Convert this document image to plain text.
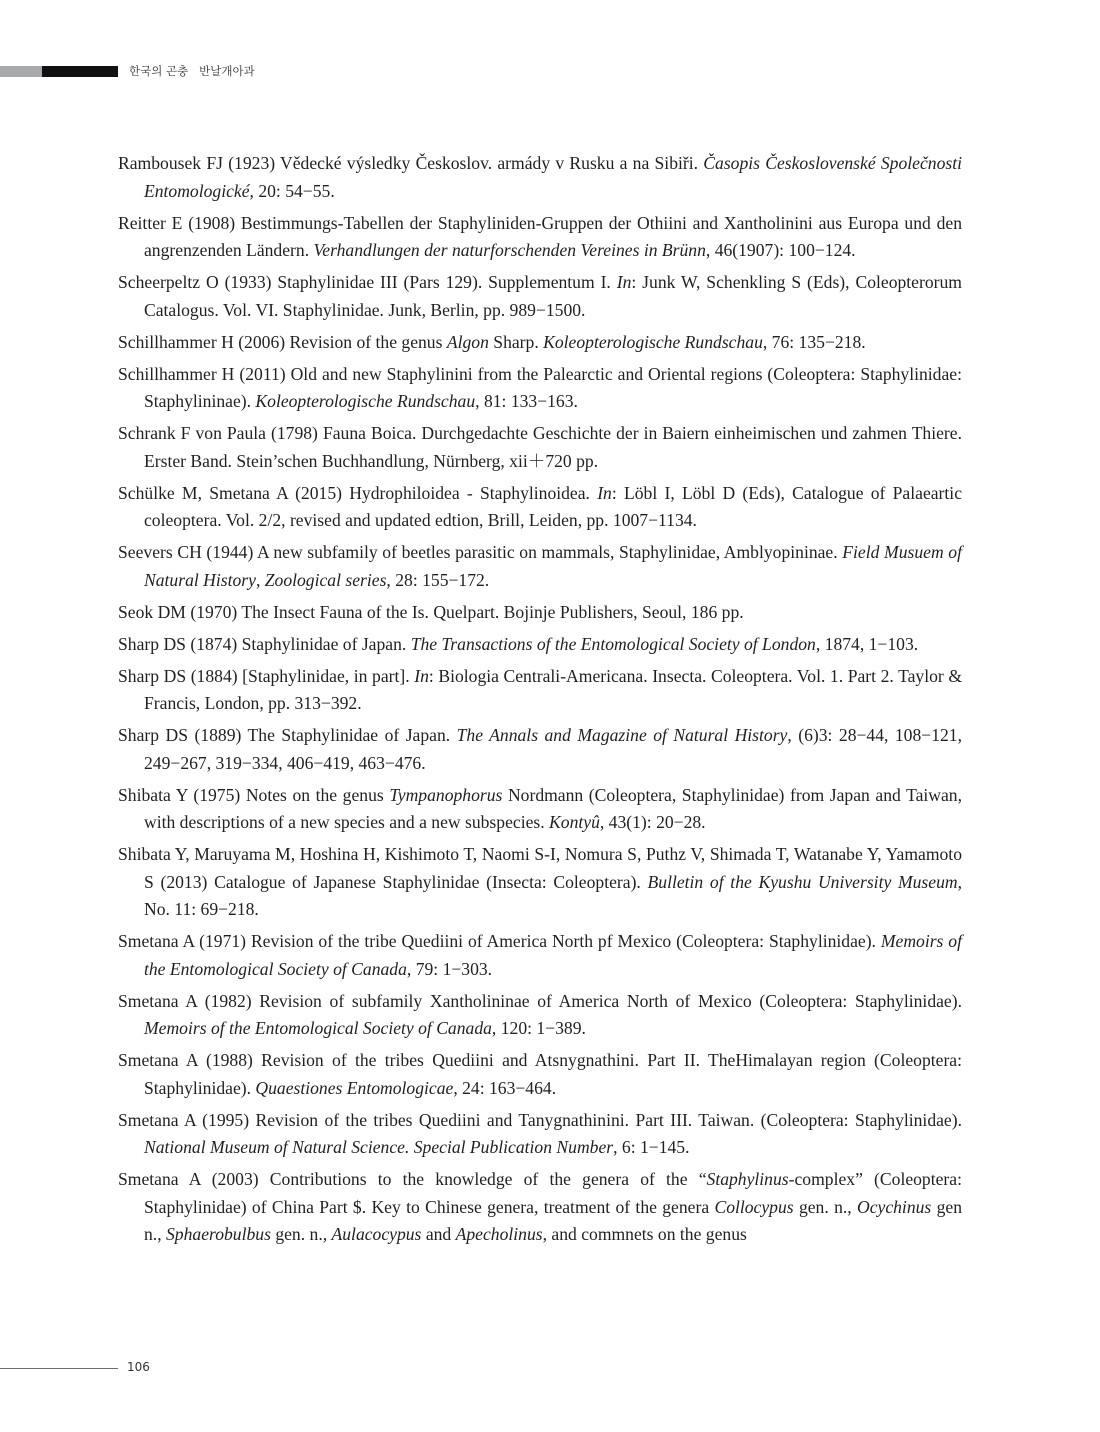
한국의 곤충   반날개아과
Rambousek FJ (1923) Vědecké výsledky Českoslov. armády v Rusku a na Sibiři. Časopis Československé Společnosti Entomologické, 20: 54−55.
Reitter E (1908) Bestimmungs-Tabellen der Staphyliniden-Gruppen der Othiini and Xantholinini aus Europa und den angrenzenden Ländern. Verhandlungen der naturforschenden Vereines in Brünn, 46(1907): 100−124.
Scheerpeltz O (1933) Staphylinidae III (Pars 129). Supplementum I. In: Junk W, Schenkling S (Eds), Coleopterorum Catalogus. Vol. VI. Staphylinidae. Junk, Berlin, pp. 989−1500.
Schillhammer H (2006) Revision of the genus Algon Sharp. Koleopterologische Rundschau, 76: 135−218.
Schillhammer H (2011) Old and new Staphylinini from the Palearctic and Oriental regions (Coleoptera: Staphylinidae: Staphylininae). Koleopterologische Rundschau, 81: 133−163.
Schrank F von Paula (1798) Fauna Boica. Durchgedachte Geschichte der in Baiern einheimischen und zahmen Thiere. Erster Band. Stein’schen Buchhandlung, Nürnberg, xii＋720 pp.
Schülke M, Smetana A (2015) Hydrophiloidea - Staphylinoidea. In: Löbl I, Löbl D (Eds), Catalogue of Palaeartic coleoptera. Vol. 2/2, revised and updated edtion, Brill, Leiden, pp. 1007−1134.
Seevers CH (1944) A new subfamily of beetles parasitic on mammals, Staphylinidae, Amblyopininae. Field Musuem of Natural History, Zoological series, 28: 155−172.
Seok DM (1970) The Insect Fauna of the Is. Quelpart. Bojinje Publishers, Seoul, 186 pp.
Sharp DS (1874) Staphylinidae of Japan. The Transactions of the Entomological Society of London, 1874, 1−103.
Sharp DS (1884) [Staphylinidae, in part]. In: Biologia Centrali-Americana. Insecta. Coleoptera. Vol. 1. Part 2. Taylor & Francis, London, pp. 313−392.
Sharp DS (1889) The Staphylinidae of Japan. The Annals and Magazine of Natural History, (6)3: 28−44, 108−121, 249−267, 319−334, 406−419, 463−476.
Shibata Y (1975) Notes on the genus Tympanophorus Nordmann (Coleoptera, Staphylinidae) from Japan and Taiwan, with descriptions of a new species and a new subspecies. Kontyû, 43(1): 20−28.
Shibata Y, Maruyama M, Hoshina H, Kishimoto T, Naomi S-I, Nomura S, Puthz V, Shimada T, Watanabe Y, Yamamoto S (2013) Catalogue of Japanese Staphylinidae (Insecta: Coleoptera). Bulletin of the Kyushu University Museum, No. 11: 69−218.
Smetana A (1971) Revision of the tribe Quediini of America North pf Mexico (Coleoptera: Staphylinidae). Memoirs of the Entomological Society of Canada, 79: 1−303.
Smetana A (1982) Revision of subfamily Xantholininae of America North of Mexico (Coleoptera: Staphylinidae). Memoirs of the Entomological Society of Canada, 120: 1−389.
Smetana A (1988) Revision of the tribes Quediini and Atsnygnathini. Part II. TheHimalayan region (Coleoptera: Staphylinidae). Quaestiones Entomologicae, 24: 163−464.
Smetana A (1995) Revision of the tribes Quediini and Tanygnathinini. Part III. Taiwan. (Coleoptera: Staphylinidae). National Museum of Natural Science. Special Publication Number, 6: 1−145.
Smetana A (2003) Contributions to the knowledge of the genera of the “Staphylinus-complex” (Coleoptera: Staphylinidae) of China Part $. Key to Chinese genera, treatment of the genera Collocypus gen. n., Ocychinus gen n., Sphaerobulbus gen. n., Aulacocypus and Apecholinus, and commnets on the genus
106
